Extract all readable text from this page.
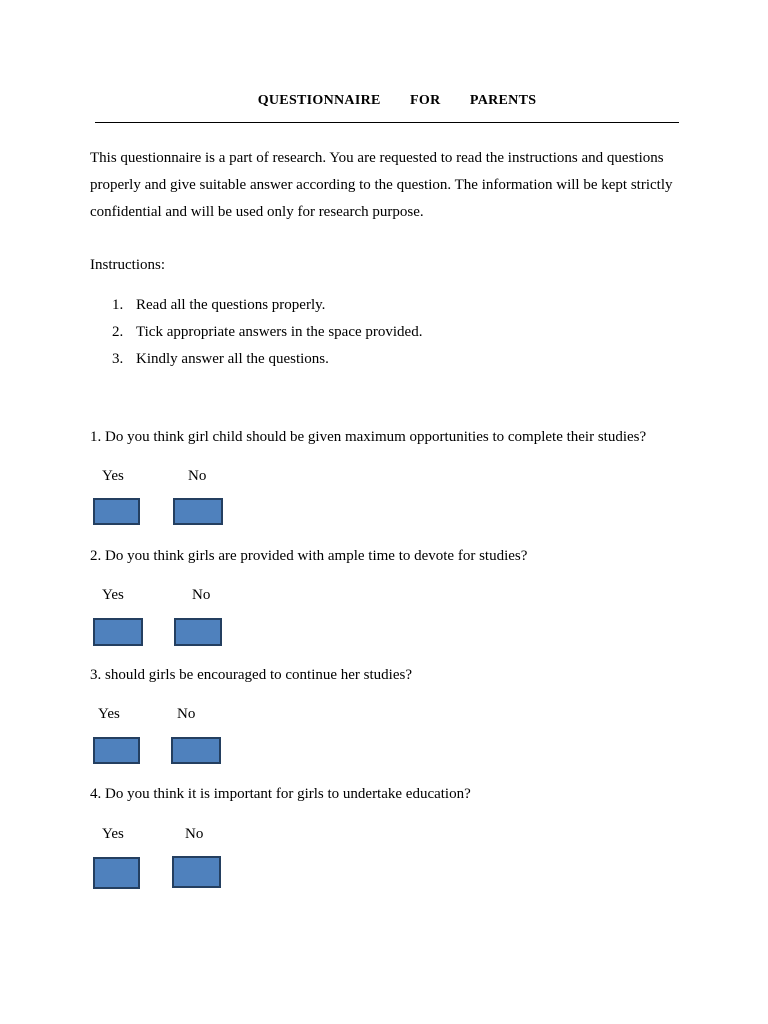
QUESTIONNAIRE   FOR   PARENTS

This questionnaire is a part of research. You are requested to read the instructions and questions properly and give suitable answer according to the question. The information will be kept strictly confidential and will be used only for research purpose.

Instructions:
1. Read all the questions properly.
2. Tick appropriate answers in the space provided.
3. Kindly answer all the questions.
1. Do you think girl child should be given maximum opportunities to complete their studies?
Yes	No
2. Do you think girls are provided with ample time to devote for studies?
Yes	No
3. should girls be encouraged to continue her studies?
Yes	No
4. Do you think it is important for girls to undertake education?
Yes	No
